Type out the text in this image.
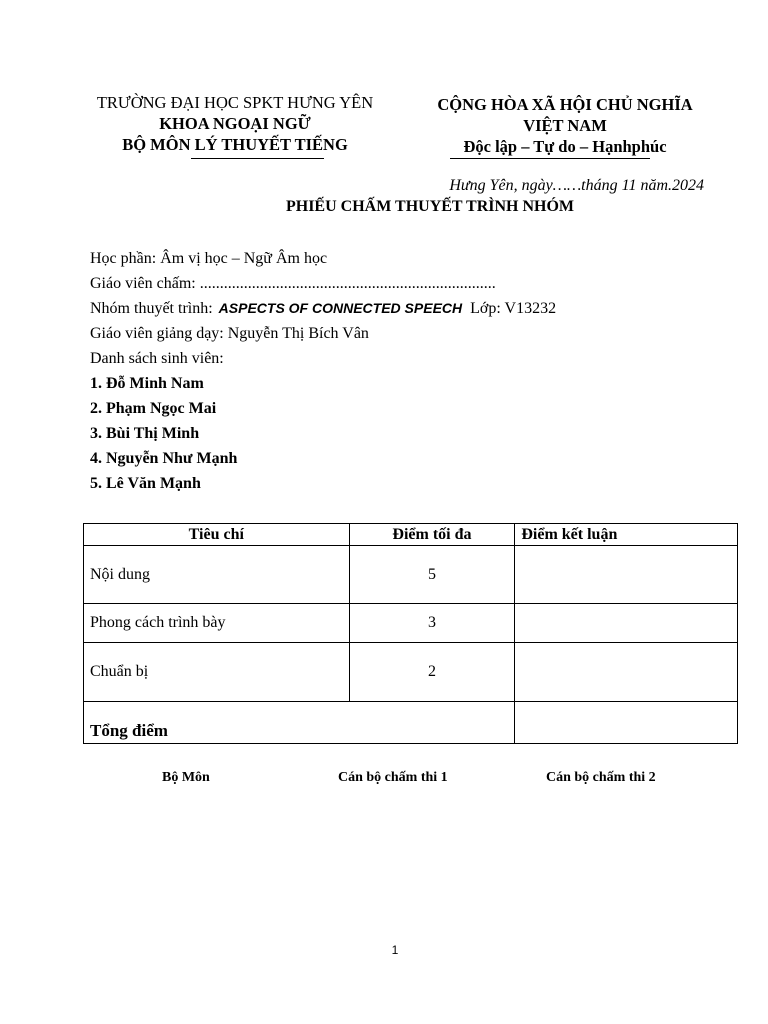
TRƯỜNG ĐẠI HỌC SPKT HƯNG YÊN
KHOA NGOẠI NGỮ
BỘ MÔN LÝ THUYẾT TIẾNG
CỘNG HÒA XÃ HỘI CHỦ NGHĨA
VIỆT NAM
Độc lập – Tự do – Hạnhphúc
Hưng Yên, ngày……tháng 11 năm.2024
PHIẾU CHẤM THUYẾT TRÌNH NHÓM
Học phần: Âm vị học – Ngữ Âm học
Giáo viên chấm: ..........................................................................
Nhóm thuyết trình: ASPECTS OF CONNECTED SPEECH Lớp: V13232
Giáo viên giảng dạy: Nguyễn Thị Bích Vân
Danh sách sinh viên:
1. Đỗ Minh Nam
2. Phạm Ngọc Mai
3. Bùi Thị Minh
4. Nguyễn Như Mạnh
5. Lê Văn Mạnh
Tiêu chí	Điểm tối đa	Điểm kết luận
Nội dung	5	
Phong cách trình bày	3	
Chuẩn bị	2	
Tổng điểm		
Bộ Môn	Cán bộ chấm thi 1	Cán bộ chấm thi 2
1
